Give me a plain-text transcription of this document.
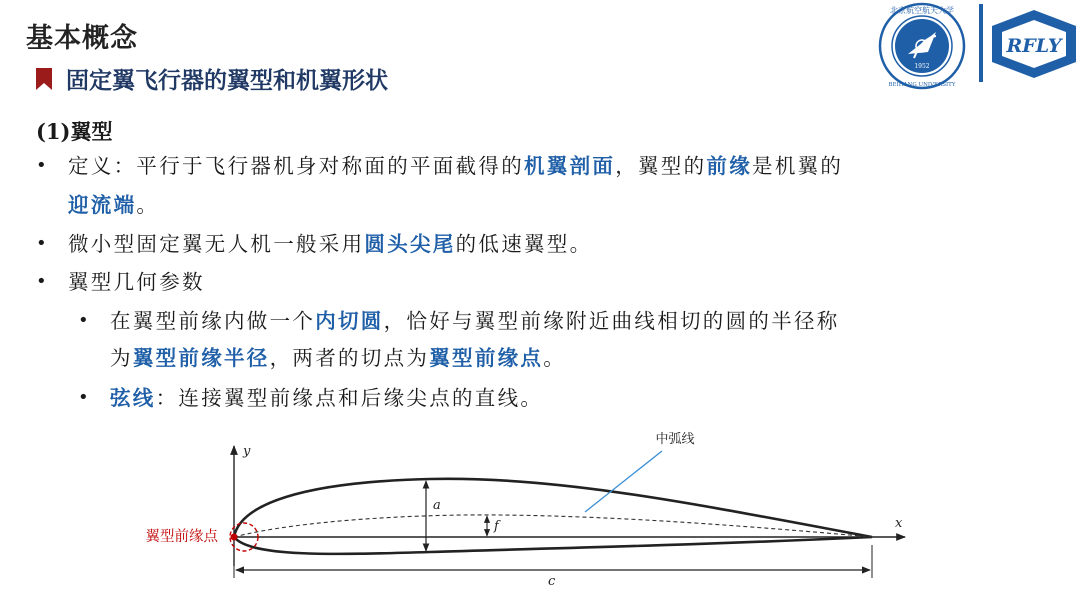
基本概念
固定翼飞行器的翼型和机翼形状
1952
北京航空航天大学
BEIHANG UNIVERSITY
RFLY
(1)翼型
• 定义：平行于飞行器机身对称面的平面截得的机翼剖面，翼型的前缘是机翼的
迎流端。
• 微小型固定翼无人机一般采用圆头尖尾的低速翼型。
• 翼型几何参数
• 在翼型前缘内做一个内切圆，恰好与翼型前缘附近曲线相切的圆的半径称
为翼型前缘半径，两者的切点为翼型前缘点。
• 弦线：连接翼型前缘点和后缘尖点的直线。
y
x
翼型前缘点
a
f
中弧线
c
